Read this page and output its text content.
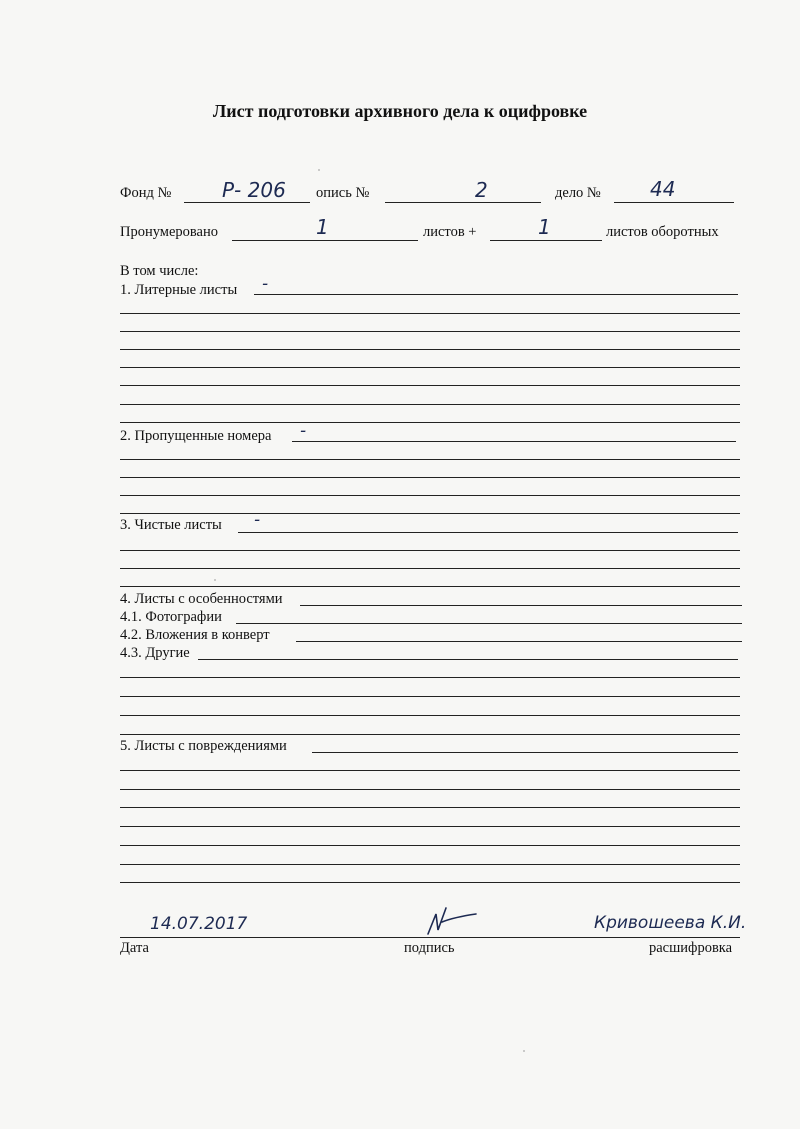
Лист подготовки архивного дела к оцифровке
Фонд №	Р- 206 опись №	2	дело № 44
Пронумеровано	1	листов +	1	листов оборотных
В том числе:
1. Литерные листы -
2. Пропущенные номера -
3. Чистые листы -
4. Листы с особенностями
4.1. Фотографии
4.2. Вложения в конверт
4.3. Другие
5. Листы с повреждениями
14.07.2017	Кривошеева К.И.
Дата	подпись	расшифровка
